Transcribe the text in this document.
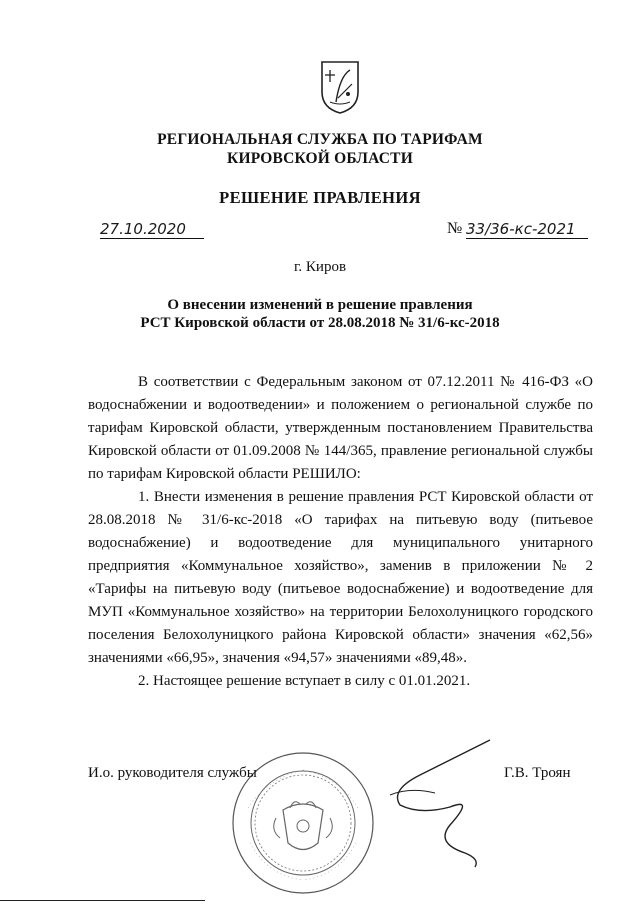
РЕГИОНАЛЬНАЯ СЛУЖБА ПО ТАРИФАМ
КИРОВСКОЙ ОБЛАСТИ
РЕШЕНИЕ ПРАВЛЕНИЯ
27.10.2020	№ 33/36-кс-2021
г. Киров
О внесении изменений в решение правления
РСТ Кировской области от 28.08.2018 № 31/6-кс-2018

В соответствии с Федеральным законом от 07.12.2011 № 416-ФЗ «О водоснабжении и водоотведении» и положением о региональной службе по тарифам Кировской области, утвержденным постановлением Правительства Кировской области от 01.09.2008 № 144/365, правление региональной службы по тарифам Кировской области РЕШИЛО:

1. Внести изменения в решение правления РСТ Кировской области от 28.08.2018 № 31/6-кс-2018 «О тарифах на питьевую воду (питьевое водоснабжение) и водоотведение для муниципального унитарного предприятия «Коммунальное хозяйство», заменив в приложении № 2 «Тарифы на питьевую воду (питьевое водоснабжение) и водоотведение для МУП «Коммунальное хозяйство» на территории Белохолуницкого городского поселения Белохолуницкого района Кировской области» значения «62,56» значениями «66,95», значения «94,57» значениями «89,48».

2. Настоящее решение вступает в силу с 01.01.2021.

И.о. руководителя службы	Г.В. Троян
